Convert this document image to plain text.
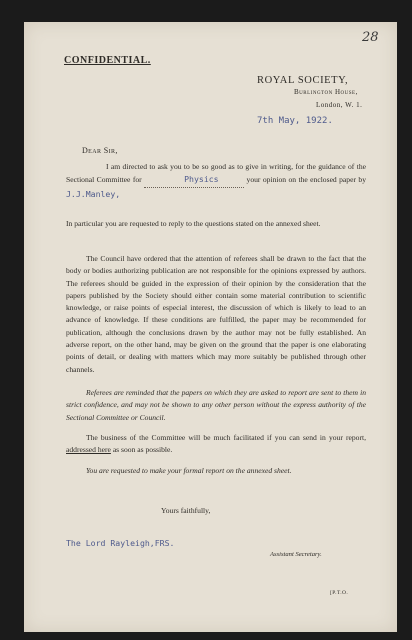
28
CONFIDENTIAL.
ROYAL SOCIETY,
Burlington House,
London, W. 1.
7th May, 1922.
Dear Sir,

I am directed to ask you to be so good as to give in writing, for the guidance of the Sectional Committee for	Physics	your opinion on the enclosed paper by J.J.Manley,

In particular you are requested to reply to the questions stated on the annexed sheet.

The Council have ordered that the attention of referees shall be drawn to the fact that the body or bodies authorizing publication are not responsible for the opinions expressed by authors. The referees should be guided in the expression of their opinion by the consideration that the papers published by the Society should either contain some material contribution to scientific knowledge, or raise points of especial interest, the discussion of which is likely to lead to an advance of knowledge. If these conditions are fulfilled, the paper may be recommended for publication, although the conclusions drawn by the author may not be fully established. An adverse report, on the other hand, may be given on the ground that the paper is one elaborating points of detail, or dealing with matters which may more suitably be published through other channels.

Referees are reminded that the papers on which they are asked to report are sent to them in strict confidence, and may not be shown to any other person without the express authority of the Sectional Committee or Council.

The business of the Committee will be much facilitated if you can send in your report, addressed here as soon as possible.

You are requested to make your formal report on the annexed sheet.

Yours faithfully,
The Lord Rayleigh,FRS.
Assistant Secretary.
[P.T.O.
